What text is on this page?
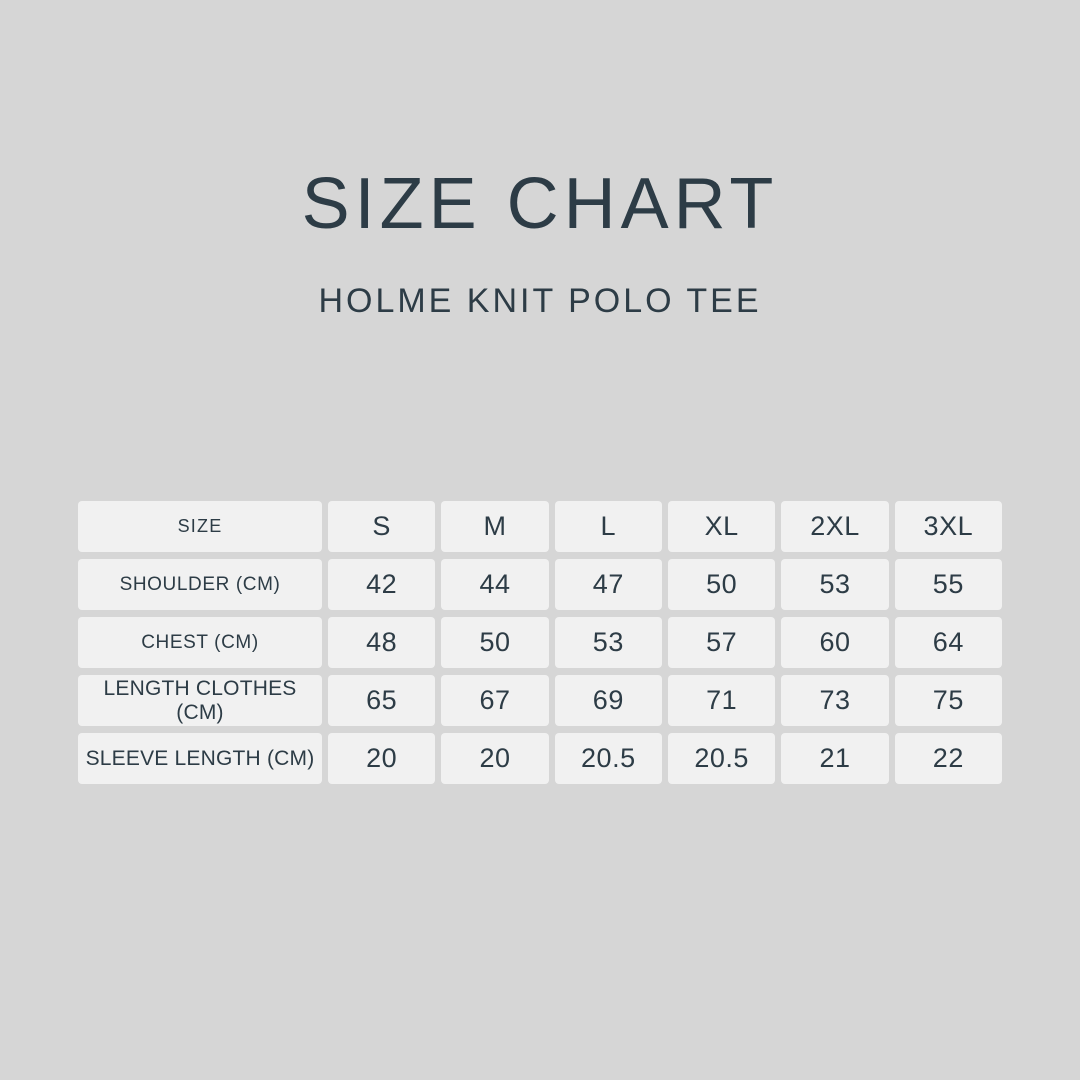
SIZE CHART
HOLME KNIT POLO TEE
SIZE	S	M	L	XL	2XL	3XL
SHOULDER (CM)	42	44	47	50	53	55
CHEST (CM)	48	50	53	57	60	64
LENGTH CLOTHES (CM)	65	67	69	71	73	75
SLEEVE LENGTH (CM)	20	20	20.5	20.5	21	22
